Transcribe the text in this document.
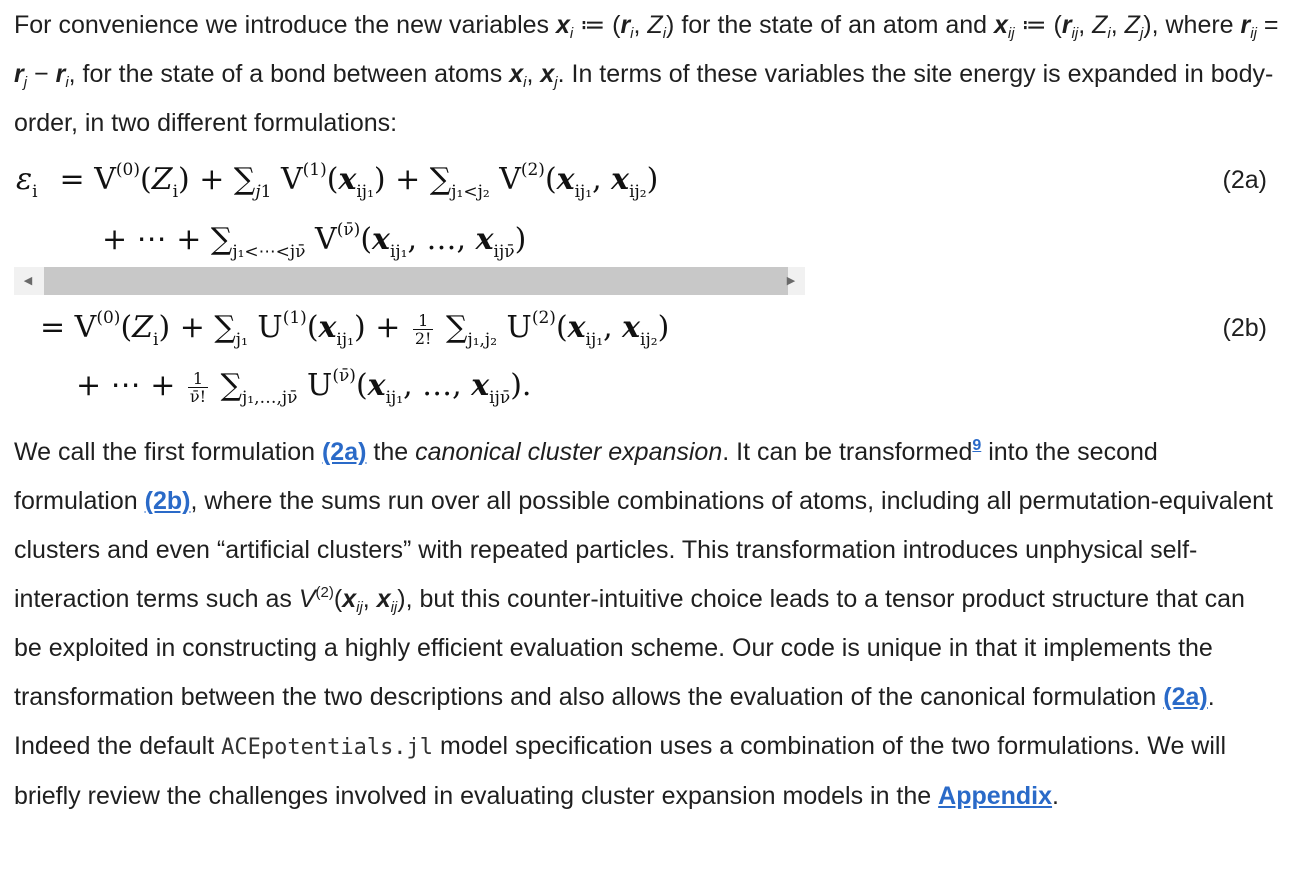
For convenience we introduce the new variables $x_i$ ≔ ($r_i$, $Z_i$) for the state of an atom and $x_{ij}$ ≔ ($r_{ij}$, $Z_i$, $Z_j$), where $r_{ij} = r_j - r_i$, for the state of a bond between atoms $x_i$, $x_j$. In terms of these variables the site energy is expanded in body-order, in two different formulations:

$\varepsilon_i = V^{(0)}(Z_i) + \sum_{j1}$ $V^{(1)}(x_{ij_1}) + \sum_{j_1<j_2}$ $V^{(2)}(x_{ij_1}$, $x_{ij_2}$)	(2a)
+ ⋯ + $\sum_{j_1<\cdots<j\nū}$ $V^{(\nū)}(x_{ij_1}$, …, $x_{ij\nū}$)
◀	▶
= $V^{(0)}(Z_i) + \sum_{j_1}$ $U^{(1)}(x_{ij_1}) + \frac{1}{2!} \sum_{j_1,j_2}$ $U^{(2)}(x_{ij_1}$, $x_{ij_2}$)	(2b)
+ ⋯ + $\frac{1}{\nū!} \sum_{j_1,\dots,j\nū}$ $U^{(\nū)}(x_{ij_1}$, …, $x_{ij\nū}$).

We call the first formulation (2a) the canonical cluster expansion. It can be transformed$^9$ into the second formulation (2b), where the sums run over all possible combinations of atoms, including all permutation-equivalent clusters and even “artificial clusters” with repeated particles. This transformation introduces unphysical self-interaction terms such as $V^{(2)}(x_{ij}$, $x_{ij}$), but this counter-intuitive choice leads to a tensor product structure that can be exploited in constructing a highly efficient evaluation scheme. Our code is unique in that it implements the transformation between the two descriptions and also allows the evaluation of the canonical formulation (2a). Indeed the default ACEpotentials.jl model specification uses a combination of the two formulations. We will briefly review the challenges involved in evaluating cluster expansion models in the Appendix.
